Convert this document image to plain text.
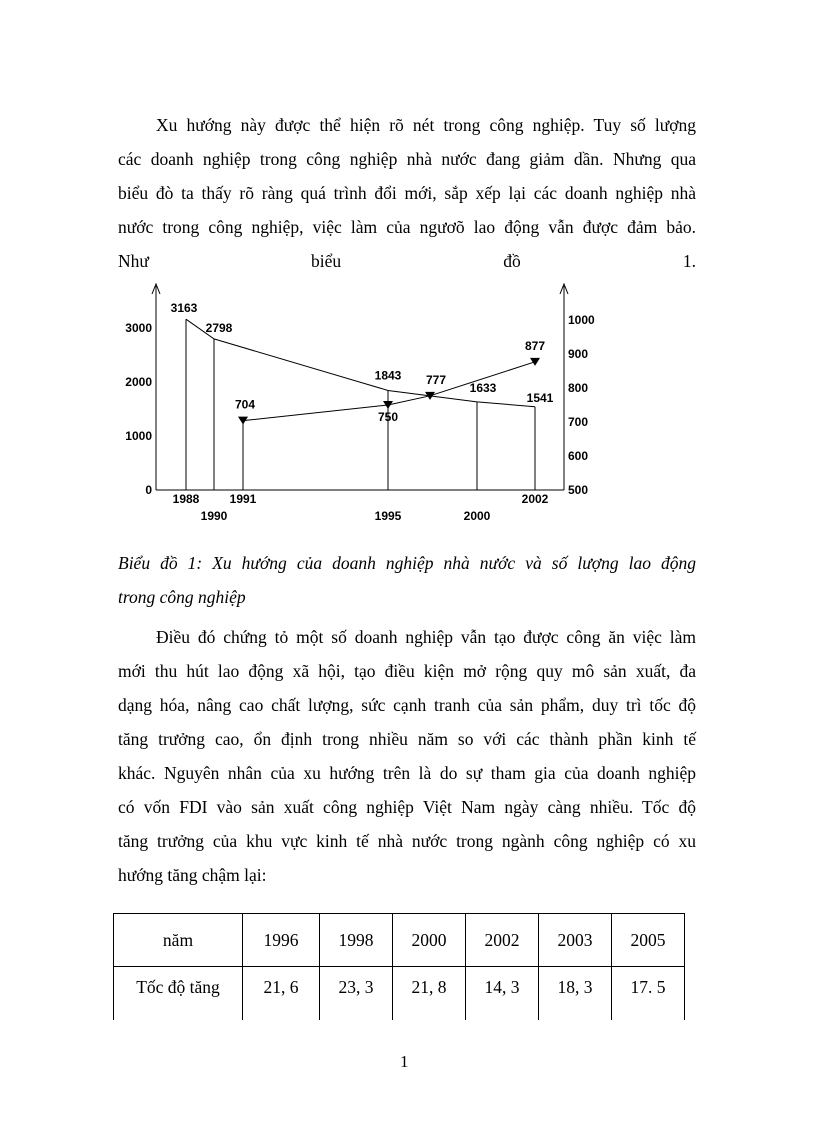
Xu hướng này được thể hiện rõ nét trong công nghiệp. Tuy số lượng
các doanh nghiệp trong công nghiệp nhà nước đang giảm dần. Nhưng qua
biểu đò ta thấy rõ ràng quá trình đổi mới, sắp xếp lại các doanh nghiệp nhà
nước trong công nghiệp, việc làm của ngươõ lao động vẫn được đảm bảo.
Như	biểu	đồ	1.
0
1000
2000
3000
500
600
700
800
900
1000
1988
1990
1991
1995	2000
2002
3163
2798
1843
1633
1541
704
750
777
877
Biểu đồ 1: Xu hướng của doanh nghiệp nhà nước và số lượng lao động
trong công nghiệp
Điều đó chứng tỏ một số doanh nghiệp vẫn tạo được công ăn việc làm
mới thu hút lao động xã hội, tạo điều kiện mở rộng quy mô sản xuất, đa
dạng hóa, nâng cao chất lượng, sức cạnh tranh của sản phẩm, duy trì tốc độ
tăng trưởng cao, ổn định trong nhiều năm so với các thành phần kinh tế
khác. Nguyên nhân của xu hướng trên là do sự tham gia của doanh nghiệp
có vốn FDI vào sản xuất công nghiệp Việt Nam ngày càng nhiều. Tốc độ
tăng trưởng của khu vực kinh tế nhà nước trong ngành công nghiệp có xu
hướng tăng chậm lại:
năm	1996	1998	2000	2002	2003	2005
Tốc độ tăng	21, 6	23, 3	21, 8	14, 3	18, 3	17. 5
1
